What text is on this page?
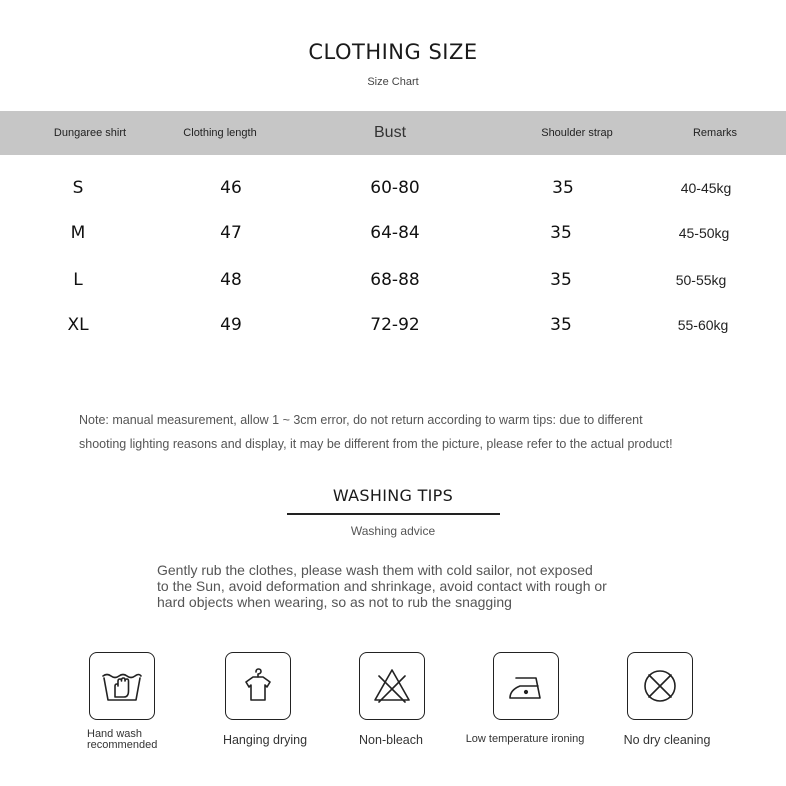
CLOTHING SIZE
Size Chart
Dungaree shirt	Clothing length	Bust	Shoulder strap	Remarks
S	46	60-80	35	40-45kg
M	47	64-84	35	45-50kg
L	48	68-88	35	50-55kg
XL	49	72-92	35	55-60kg
Note: manual measurement, allow 1 ~ 3cm error, do not return according to warm tips: due to different
shooting lighting reasons and display, it may be different from the picture, please refer to the actual product!
WASHING TIPS
Washing advice
Gently rub the clothes, please wash them with cold sailor, not exposed
to the Sun, avoid deformation and shrinkage, avoid contact with rough or
hard objects when wearing, so as not to rub the snagging
Hand wash
recommended	Hanging drying	Non-bleach	Low temperature ironing	No dry cleaning
